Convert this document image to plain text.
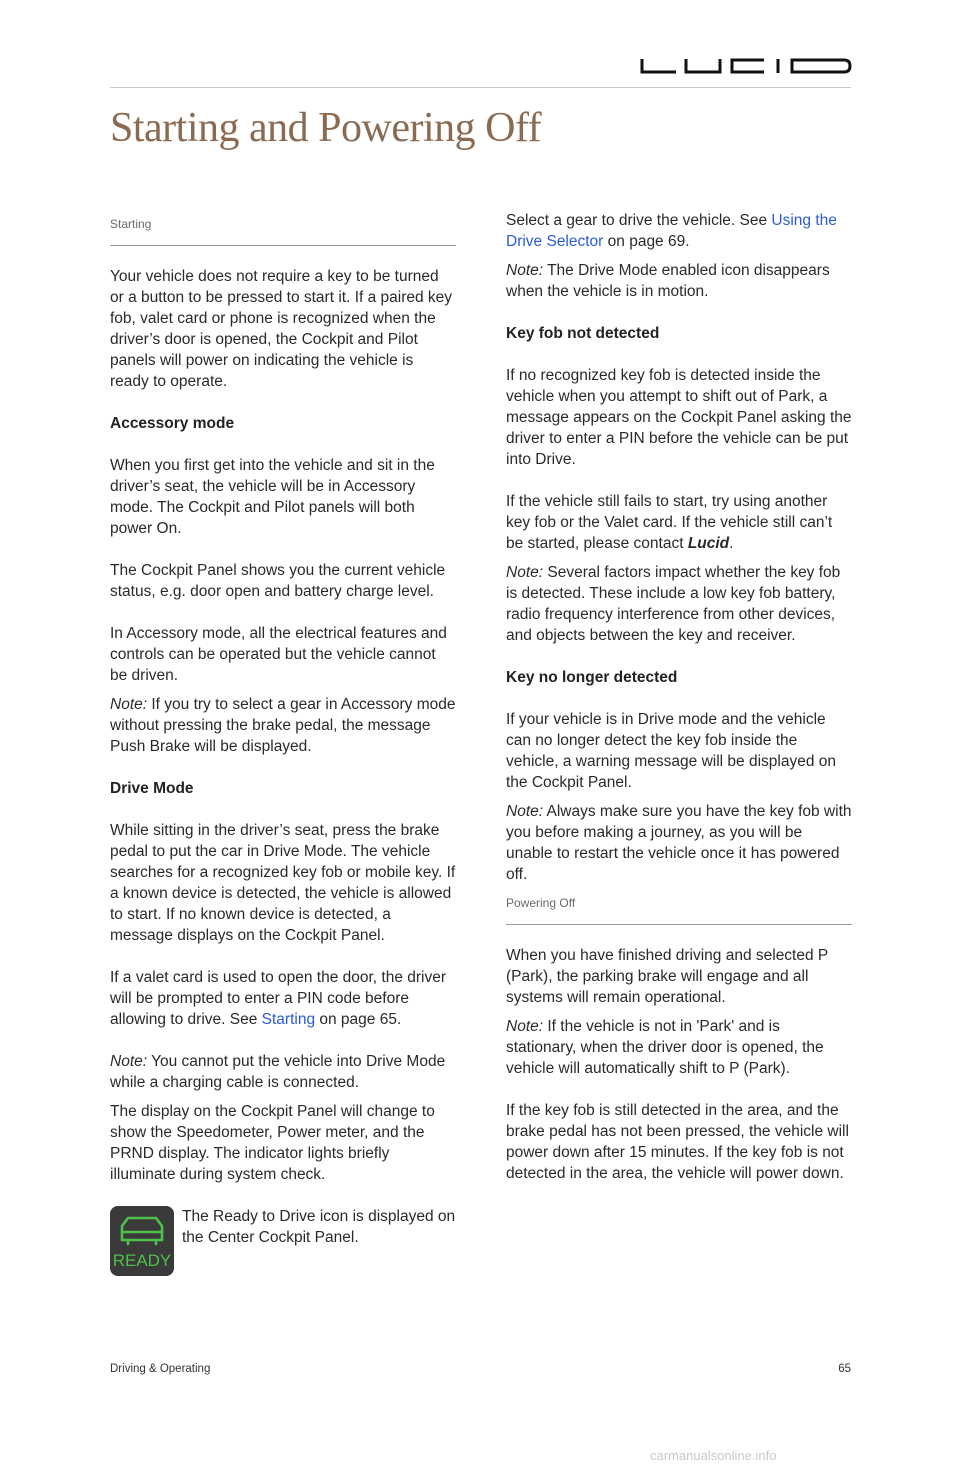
Starting and Powering Off
Starting

Your vehicle does not require a key to be turned or a button to be pressed to start it. If a paired key fob, valet card or phone is recognized when the driver’s door is opened, the Cockpit and Pilot panels will power on indicating the vehicle is ready to operate.

Accessory mode

When you first get into the vehicle and sit in the driver’s seat, the vehicle will be in Accessory mode. The Cockpit and Pilot panels will both power On.

The Cockpit Panel shows you the current vehicle status, e.g. door open and battery charge level.

In Accessory mode, all the electrical features and controls can be operated but the vehicle cannot be driven.

Note: If you try to select a gear in Accessory mode without pressing the brake pedal, the message Push Brake will be displayed.

Drive Mode

While sitting in the driver’s seat, press the brake pedal to put the car in Drive Mode. The vehicle searches for a recognized key fob or mobile key. If a known device is detected, the vehicle is allowed to start. If no known device is detected, a message displays on the Cockpit Panel.

If a valet card is used to open the door, the driver will be prompted to enter a PIN code before allowing to drive. See Starting on page 65.

Note: You cannot put the vehicle into Drive Mode while a charging cable is connected.

The display on the Cockpit Panel will change to show the Speedometer, Power meter, and the PRND display. The indicator lights briefly illuminate during system check.

READY
The Ready to Drive icon is displayed on the Center Cockpit Panel.

Select a gear to drive the vehicle. See Using the Drive Selector on page 69.

Note: The Drive Mode enabled icon disappears when the vehicle is in motion.

Key fob not detected

If no recognized key fob is detected inside the vehicle when you attempt to shift out of Park, a message appears on the Cockpit Panel asking the driver to enter a PIN before the vehicle can be put into Drive.

If the vehicle still fails to start, try using another key fob or the Valet card. If the vehicle still can’t be started, please contact Lucid.

Note: Several factors impact whether the key fob is detected. These include a low key fob battery, radio frequency interference from other devices, and objects between the key and receiver.

Key no longer detected

If your vehicle is in Drive mode and the vehicle can no longer detect the key fob inside the vehicle, a warning message will be displayed on the Cockpit Panel.

Note: Always make sure you have the key fob with you before making a journey, as you will be unable to restart the vehicle once it has powered off.

Powering Off

When you have finished driving and selected P (Park), the parking brake will engage and all systems will remain operational.

Note: If the vehicle is not in 'Park' and is stationary, when the driver door is opened, the vehicle will automatically shift to P (Park).

If the key fob is still detected in the area, and the brake pedal has not been pressed, the vehicle will power down after 15 minutes. If the key fob is not detected in the area, the vehicle will power down.

Driving & Operating	65
carmanualsonline.info
